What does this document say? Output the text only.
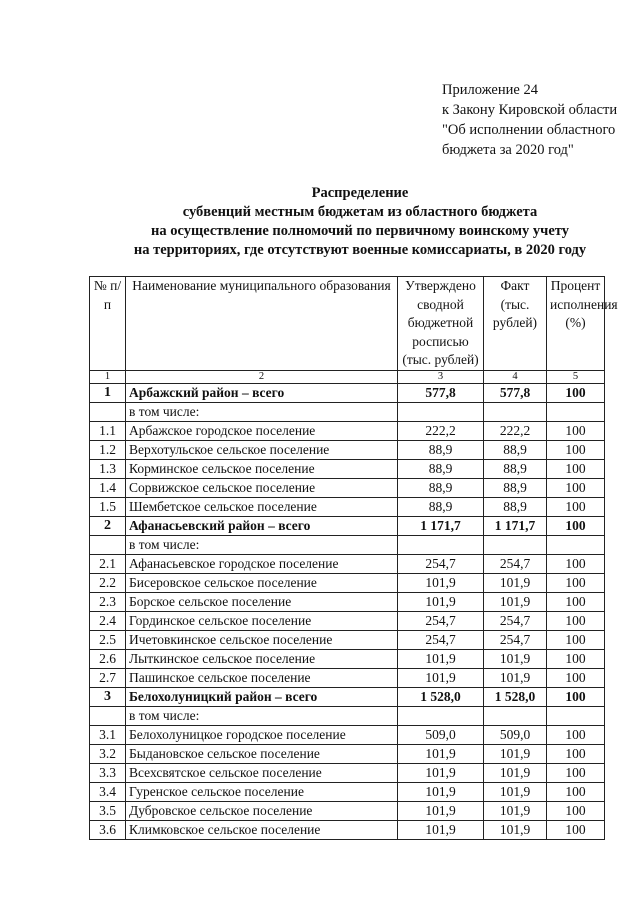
Приложение 24
к Закону Кировской области
"Об исполнении областного
бюджета за 2020 год"
Распределение
субвенций местным бюджетам из областного бюджета
на осуществление полномочий по первичному воинскому учету
на территориях, где отсутствуют военные комиссариаты, в 2020 году
№ п/п	Наименование муниципального образования	Утверждено сводной бюджетной росписью (тыс. рублей)	Факт (тыс. рублей)	Процент исполнения (%)
1	2	3	4	5
1	Арбажский район – всего	577,8	577,8	100
	в том числе:			
1.1	Арбажское городское поселение	222,2	222,2	100
1.2	Верхотульское сельское поселение	88,9	88,9	100
1.3	Корминское сельское поселение	88,9	88,9	100
1.4	Сорвижское сельское поселение	88,9	88,9	100
1.5	Шембетское сельское поселение	88,9	88,9	100
2	Афанасьевский район – всего	1 171,7	1 171,7	100
	в том числе:			
2.1	Афанасьевское городское поселение	254,7	254,7	100
2.2	Бисеровское сельское поселение	101,9	101,9	100
2.3	Борское сельское поселение	101,9	101,9	100
2.4	Гординское сельское поселение	254,7	254,7	100
2.5	Ичетовкинское сельское поселение	254,7	254,7	100
2.6	Лыткинское сельское поселение	101,9	101,9	100
2.7	Пашинское сельское поселение	101,9	101,9	100
3	Белохолуницкий район – всего	1 528,0	1 528,0	100
	в том числе:			
3.1	Белохолуницкое городское поселение	509,0	509,0	100
3.2	Быдановское сельское поселение	101,9	101,9	100
3.3	Всехсвятское сельское поселение	101,9	101,9	100
3.4	Гуренское сельское поселение	101,9	101,9	100
3.5	Дубровское сельское поселение	101,9	101,9	100
3.6	Климковское сельское поселение	101,9	101,9	100
